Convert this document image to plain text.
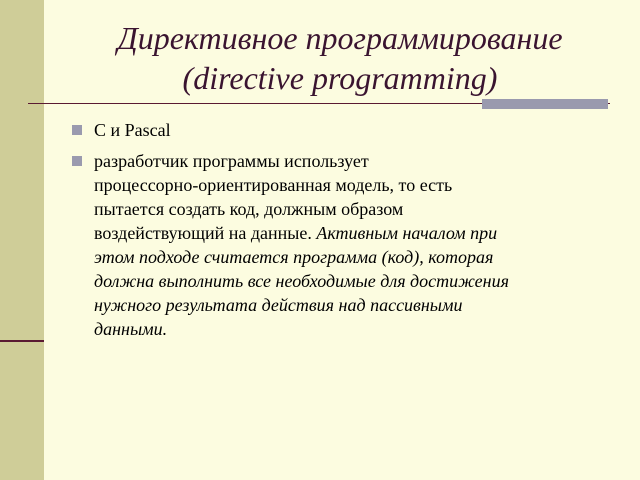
Директивное программирование
(directive programming)
C и Pascal
разработчик программы использует
процессорно-ориентированная модель, то есть
пытается создать код, должным образом
воздействующий на данные. Активным началом при
этом подходе считается программа (код), которая
должна выполнить все необходимые для достижения
нужного результата действия над пассивными
данными.
